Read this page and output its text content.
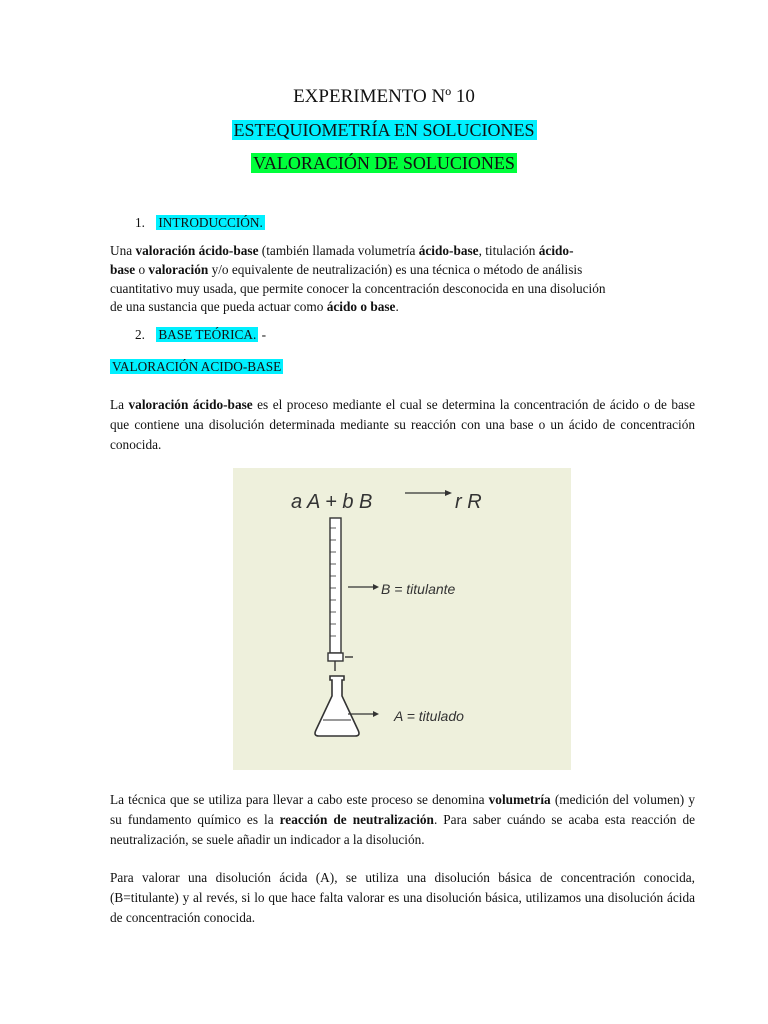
EXPERIMENTO Nº 10
ESTEQUIOMETRÍA EN SOLUCIONES
VALORACIÓN DE SOLUCIONES
1. INTRODUCCIÓN.
Una valoración ácido-base (también llamada volumetría ácido-base, titulación ácido-
base o valoración y/o equivalente de neutralización) es una técnica o método de análisis
cuantitativo muy usada, que permite conocer la concentración desconocida en una disolución
de una sustancia que pueda actuar como ácido o base.
2. BASE TEÓRICA. -
VALORACIÓN ACIDO-BASE
La valoración ácido-base es el proceso mediante el cual se determina la concentración de ácido o de base que contiene una disolución determinada mediante su reacción con una base o un ácido de concentración conocida.
a A + b B	r R
B = titulante
A = titulado
La técnica que se utiliza para llevar a cabo este proceso se denomina volumetría (medición del volumen) y su fundamento químico es la reacción de neutralización. Para saber cuándo se acaba esta reacción de neutralización, se suele añadir un indicador a la disolución.
Para valorar una disolución ácida (A), se utiliza una disolución básica de concentración conocida, (B=titulante) y al revés, si lo que hace falta valorar es una disolución básica, utilizamos una disolución ácida de concentración conocida.
